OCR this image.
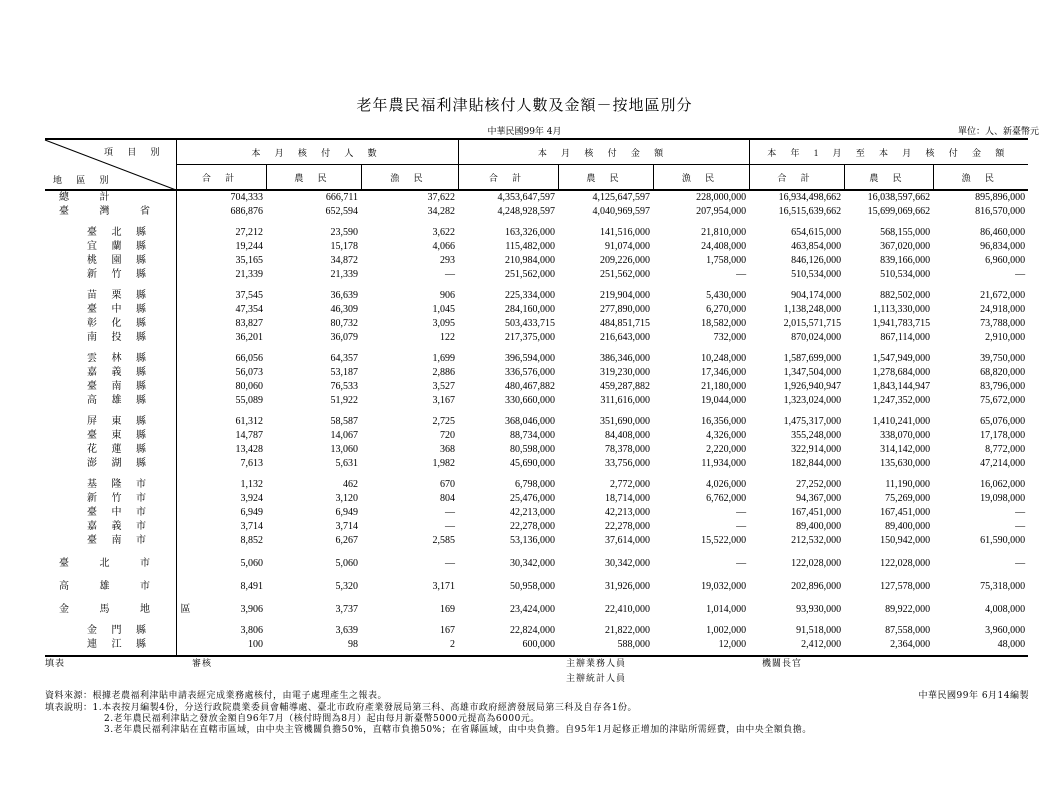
老年農民福利津貼核付人數及金額－按地區別分
中華民國99年 4月	單位：人、新臺幣元
項 目 別
地 區 別	本 月 核 付 人 數			本 月 核 付 金 額			本 年 1 月 至 本 月 核 付 金 額		
	合 計	農 民	漁 民	合 計	農 民	漁 民	合 計	農 民	漁 民
總 計	704,333	666,711	37,622	4,353,647,597	4,125,647,597	228,000,000	16,934,498,662	16,038,597,662	895,896,000
臺 灣 省	686,876	652,594	34,282	4,248,928,597	4,040,969,597	207,954,000	16,515,639,662	15,699,069,662	816,570,000
臺 北 縣	27,212	23,590	3,622	163,326,000	141,516,000	21,810,000	654,615,000	568,155,000	86,460,000
宜 蘭 縣	19,244	15,178	4,066	115,482,000	91,074,000	24,408,000	463,854,000	367,020,000	96,834,000
桃 園 縣	35,165	34,872	293	210,984,000	209,226,000	1,758,000	846,126,000	839,166,000	6,960,000
新 竹 縣	21,339	21,339	—	251,562,000	251,562,000	—	510,534,000	510,534,000	—
苗 栗 縣	37,545	36,639	906	225,334,000	219,904,000	5,430,000	904,174,000	882,502,000	21,672,000
臺 中 縣	47,354	46,309	1,045	284,160,000	277,890,000	6,270,000	1,138,248,000	1,113,330,000	24,918,000
彰 化 縣	83,827	80,732	3,095	503,433,715	484,851,715	18,582,000	2,015,571,715	1,941,783,715	73,788,000
南 投 縣	36,201	36,079	122	217,375,000	216,643,000	732,000	870,024,000	867,114,000	2,910,000
雲 林 縣	66,056	64,357	1,699	396,594,000	386,346,000	10,248,000	1,587,699,000	1,547,949,000	39,750,000
嘉 義 縣	56,073	53,187	2,886	336,576,000	319,230,000	17,346,000	1,347,504,000	1,278,684,000	68,820,000
臺 南 縣	80,060	76,533	3,527	480,467,882	459,287,882	21,180,000	1,926,940,947	1,843,144,947	83,796,000
高 雄 縣	55,089	51,922	3,167	330,660,000	311,616,000	19,044,000	1,323,024,000	1,247,352,000	75,672,000
屏 東 縣	61,312	58,587	2,725	368,046,000	351,690,000	16,356,000	1,475,317,000	1,410,241,000	65,076,000
臺 東 縣	14,787	14,067	720	88,734,000	84,408,000	4,326,000	355,248,000	338,070,000	17,178,000
花 蓮 縣	13,428	13,060	368	80,598,000	78,378,000	2,220,000	322,914,000	314,142,000	8,772,000
澎 湖 縣	7,613	5,631	1,982	45,690,000	33,756,000	11,934,000	182,844,000	135,630,000	47,214,000
基 隆 市	1,132	462	670	6,798,000	2,772,000	4,026,000	27,252,000	11,190,000	16,062,000
新 竹 市	3,924	3,120	804	25,476,000	18,714,000	6,762,000	94,367,000	75,269,000	19,098,000
臺 中 市	6,949	6,949	—	42,213,000	42,213,000	—	167,451,000	167,451,000	—
嘉 義 市	3,714	3,714	—	22,278,000	22,278,000	—	89,400,000	89,400,000	—
臺 南 市	8,852	6,267	2,585	53,136,000	37,614,000	15,522,000	212,532,000	150,942,000	61,590,000
臺 北 市	5,060	5,060	—	30,342,000	30,342,000	—	122,028,000	122,028,000	—
高 雄 市	8,491	5,320	3,171	50,958,000	31,926,000	19,032,000	202,896,000	127,578,000	75,318,000
金 馬 地 區	3,906	3,737	169	23,424,000	22,410,000	1,014,000	93,930,000	89,922,000	4,008,000
金 門 縣	3,806	3,639	167	22,824,000	21,822,000	1,002,000	91,518,000	87,558,000	3,960,000
連 江 縣	100	98	2	600,000	588,000	12,000	2,412,000	2,364,000	48,000
填表	審核	主辦業務人員
主辦統計人員
機關長官
資料來源：根據老農福利津貼申請表經完成業務處核付，由電子處理產生之報表。	中華民國99年 6月14編製
填表說明：1.本表按月編製4份，分送行政院農業委員會輔導處、臺北市政府產業發展局第三科、高雄市政府經濟發展局第三科及自存各1份。
2.老年農民福利津貼之發放金額自96年7月（核付時間為8月）起由每月新臺幣5000元提高為6000元。
3.老年農民福利津貼在直轄市區域，由中央主管機關負擔50%，直轄市負擔50%；在省縣區域，由中央負擔。自95年1月起修正增加的津貼所需經費，由中央全額負擔。
